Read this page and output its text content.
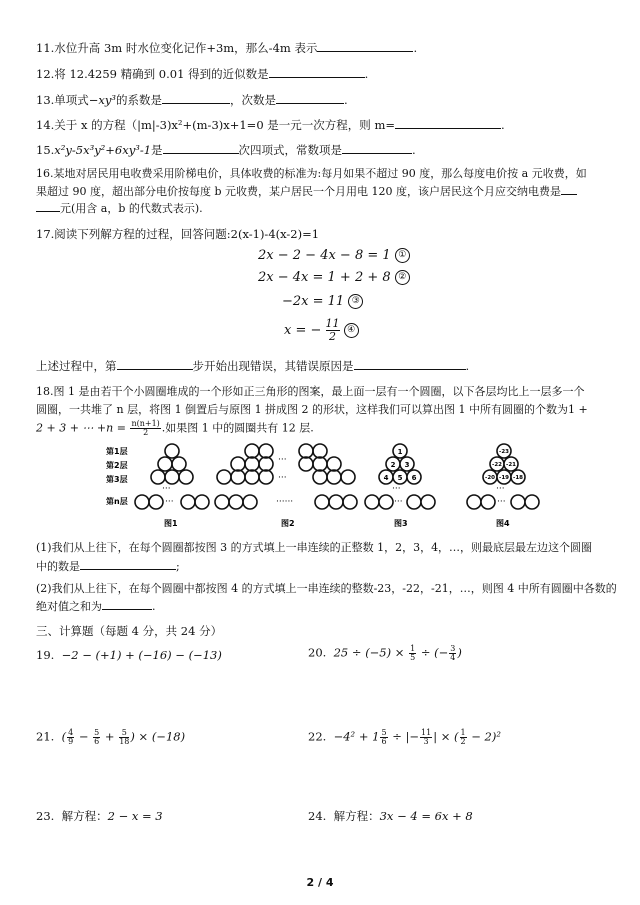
11.水位升高 3m 时水位变化记作+3m，那么-4m 表示	.
12.将 12.4259 精确到 0.01 得到的近似数是	.
13.单项式−xy³的系数是	，次数是	.
14.关于 x 的方程（|m|-3)x²+(m-3)x+1=0 是一元一次方程，则 m=	.
15.x²y-5x³y²+6xy³-1是	次四项式，常数项是	.
16.某地对居民用电收费采用阶梯电价，具体收费的标准为:每月如果不超过 90 度，那么每度电价按 a 元收费，如
果超过 90 度，超出部分电价按每度 b 元收费，某户居民一个月用电 120 度，该户居民这个月应交纳电费是
元(用含 a，b 的代数式表示).
17.阅读下列解方程的过程，回答问题:2(x-1)-4(x-2)=1
2x − 2 − 4x − 8 = 1 ①
2x − 4x = 1 + 2 + 8 ②
−2x = 11 ③
x = − $\frac{11}{2}$ ④
上述过程中，第	步开始出现错误，其错误原因是	.
18.图 1 是由若干个小圆圈堆成的一个形如正三角形的图案，最上面一层有一个圆圈，以下各层均比上一层多一个
圆圈，一共堆了 n 层，将图 1 倒置后与原图 1 拼成图 2 的形状，这样我们可以算出图 1 中所有圆圈的个数为1 +
2 + 3 + ⋯ $+n = \frac{n(n+1)}{2}$ .如果图 1 中的圆圈共有 12 层.
第1层
第2层
第3层
第n层
···
···
图1
···
···
······
图2
1
2 3
4 5 6
···
···
图3
-23
-22 -21
-20 -19 -18
···
···
图4
(1)我们从上往下，在每个圆圈都按图 3 的方式填上一串连续的正整数 1，2，3，4，…，则最底层最左边这个圆圈
中的数是	;
(2)我们从上往下，在每个圆圈中都按图 4 的方式填上一串连续的整数-23，-22，-21，…，则图 4 中所有圆圈中各数的
绝对值之和为	.
三、计算题（每题 4 分，共 24 分）
19. −2 − (+1) + (−16) − (−13)	20. $25 \div (-5) \times \frac{1}{5}$ ÷ (− $\frac{3}{4}$ )
21. ( $\frac{4}{9} - \frac{5}{6} + \frac{5}{18}$ ) × (−18)	22. $-4^2 + 1 \frac{5}{6}$ ÷ |− $\frac{11}{3}$ | × ( $\frac{1}{2} - 2)^2$
23. 解方程：2 − x = 3	24. 解方程：3x − 4 = 6x + 8
2 / 4
